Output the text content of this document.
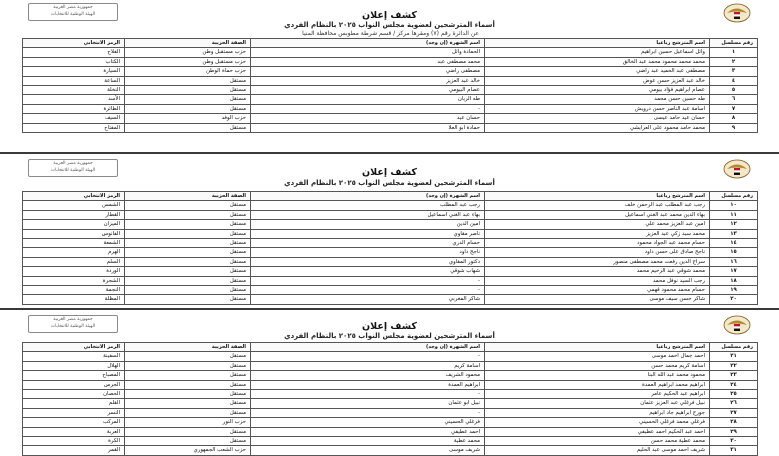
جمهورية مصر العربية
الهيئة الوطنية للانتخابات	كشف إعلان
أسماء المترشحين لعضوية مجلس النواب ٢٠٢٥ بالنظام الفردي
عن الدائرة رقم (٧) ومقرها مركز / قسم شرطة مطوبس محافظة المنيا
رقم مسلسل	اسم المترشح رباعيا	اسم الشهرة (إن وجد)	الصفة الحزبية	الرمز الانتخابي
١	وائل اسماعيل حسين ابراهيم	الحمادة وائل	حزب مستقبل وطن	الفلاح
٢	محمد محمد محمود محمد عبد الخالق	محمد مصطفى عبد	حزب مستقبل وطن	الكتاب
٣	مصطفى عبد الحميد عبد راضي	مصطفى راضي	حزب حماة الوطن	السيارة
٤	خالد عبد العزيز حسن عوض	خالد عبد العزيز	مستقل	الساعة
٥	عصام ابراهيم فؤاد بيومي	عصام البيومي	مستقل	النخلة
٦	طه حسين حسن محمد	طه الريان	مستقل	الأسد
٧	اسامة عبد الناصر حسن درويش	-	مستقل	الطائرة
٨	حسان عيد حامد عيسى	حسان عيد	حزب الوفد	السيف
٩	محمد حامد محمود على العرايشي	حمادة ابو العلا	مستقل	المفتاح
جمهورية مصر العربية
الهيئة الوطنية للانتخابات	كشف إعلان
أسماء المترشحين لعضوية مجلس النواب ٢٠٢٥ بالنظام الفردي
رقم مسلسل	اسم المترشح رباعيا	اسم الشهرة (إن وجد)	الصفة الحزبية	الرمز الانتخابي
١٠	رجب عبد المطلب عبد الرحمن خلف	رجب عبد المطلب	مستقل	الشمس
١١	بهاء الدين محمد عبد الغني اسماعيل	بهاء عبد الغني اسماعيل	مستقل	القطار
١٢	امين عبد العزيز محمد علي	امين الدين	مستقل	الميزان
١٣	محمد سيد زكي عبد العزيز	ناصر مقاوي	مستقل	الفانوس
١٤	حسام محمد عبد الجواد محمود	حسام الدري	مستقل	الشمعة
١٥	ناجح صادق على حسن داود	ناجح داود	مستقل	الهرم
١٦	سراج الدين رفعت محمد مصطفى منصور	دكتور المقاوي	مستقل	السلم
١٧	محمد شوقي عبد الرحيم محمد	شهاب شوقي	مستقل	الوردة
١٨	رجب السيد نوفل محمد	-	مستقل	الشجرة
١٩	حسام محمد محمود فهمي	-	مستقل	النجمة
٢٠	شاكر حسن سيف موسى	شاكر المغربي	مستقل	المظلة
جمهورية مصر العربية
الهيئة الوطنية للانتخابات	كشف إعلان
أسماء المترشحين لعضوية مجلس النواب ٢٠٢٥ بالنظام الفردي
رقم مسلسل	اسم المترشح رباعيا	اسم الشهرة (إن وجد)	الصفة الحزبية	الرمز الانتخابي
٢١	احمد جمال احمد موسى	-	مستقل	السفينة
٢٢	اسامة كريم محمد حسن	اسامة كريم	مستقل	الهلال
٢٣	محمود محمد عبد الله البنا	محمود الشريف	مستقل	المصباح
٢٤	ابراهيم محمد ابراهيم العمدة	ابراهيم العمدة	مستقل	الجرس
٢٥	ابراهيم عبد الحكيم عامر	-	مستقل	الحصان
٢٦	نبيل فرغلي عبد العزيز عثمان	نبيل ابو عثمان	مستقل	القلم
٢٧	جورج ابراهيم جاد ابراهيم	-	مستقل	النسر
٢٨	فرغلي محمد فرغلي الحسيني	فرغلي الحسيني	حزب النور	المركب
٢٩	احمد عبد الحكيم احمد عطيفي	احمد عطيفي	مستقل	العربة
٣٠	محمد عطية محمد حسن	محمد عطية	مستقل	الكرة
٣١	شريف احمد موسى عبد الحليم	شريف موسى	حزب الشعب الجمهوري	القمر
